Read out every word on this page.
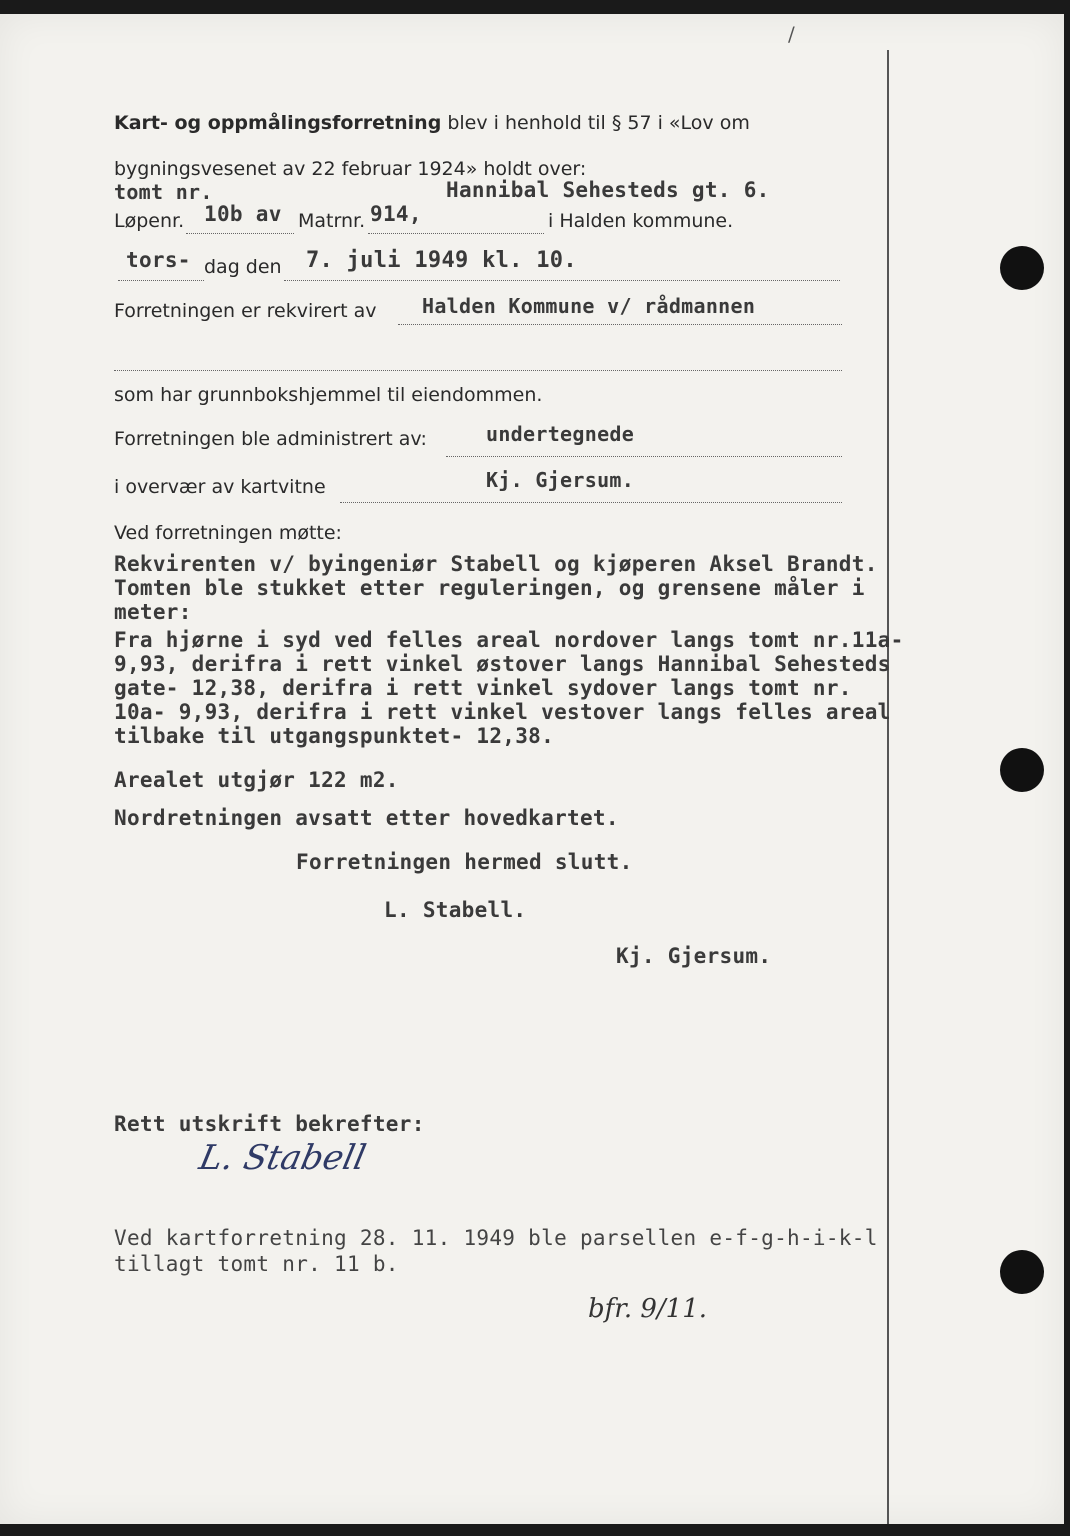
/
Kart- og oppmålingsforretning blev i henhold til § 57 i «Lov om
bygningsvesenet av 22 februar 1924» holdt over:
tomt nr.	Hannibal Sehesteds gt. 6.
Løpenr. 10b av Matrnr. 914,	i Halden kommune.
tors- dag den 7. juli 1949 kl. 10.
Forretningen er rekvirert av Halden Kommune v/ rådmannen
som har grunnbokshjemmel til eiendommen.
Forretningen ble administrert av:	undertegnede
i overvær av kartvitne	Kj. Gjersum.
Ved forretningen møtte:
Rekvirenten v/ byingeniør Stabell og kjøperen Aksel Brandt.
Tomten ble stukket etter reguleringen, og grensene måler i
meter:
Fra hjørne i syd ved felles areal nordover langs tomt nr.11a-
9,93, derifra i rett vinkel østover langs Hannibal Sehesteds
gate- 12,38, derifra i rett vinkel sydover langs tomt nr.
10a- 9,93, derifra i rett vinkel vestover langs felles areal
tilbake til utgangspunktet- 12,38.
Arealet utgjør 122 m2.
Nordretningen avsatt etter hovedkartet.
Forretningen hermed slutt.
L. Stabell.
Kj. Gjersum.
Rett utskrift bekrefter:
L. Stabell
Ved kartforretning 28. 11. 1949 ble parsellen e-f-g-h-i-k-l
tillagt tomt nr. 11 b.
bfr. 9/11.
